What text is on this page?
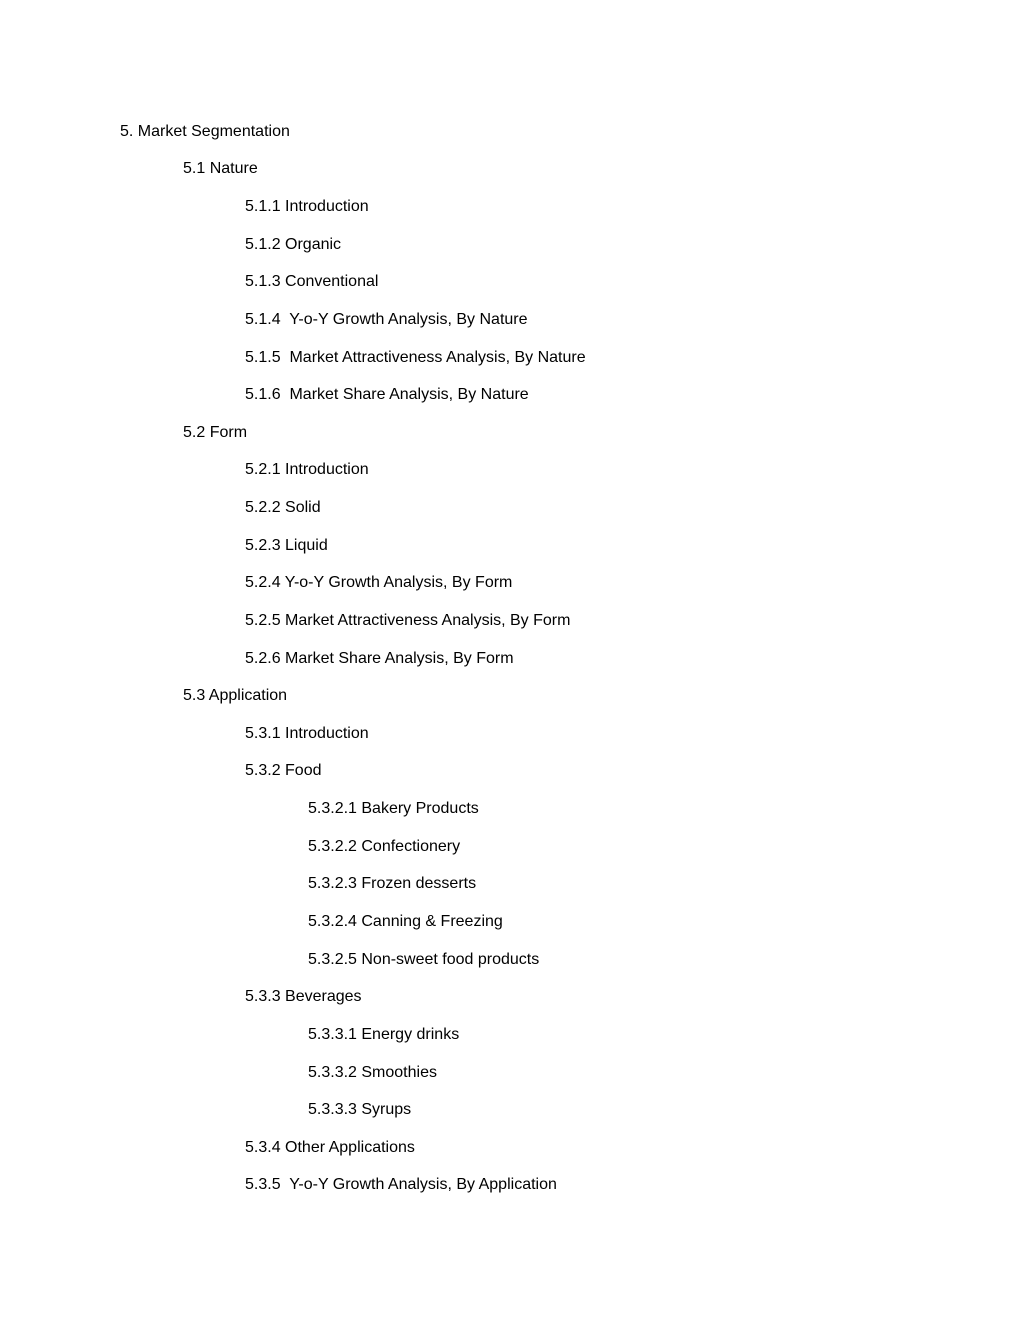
5. Market Segmentation
5.1 Nature
5.1.1 Introduction
5.1.2 Organic
5.1.3 Conventional
5.1.4  Y-o-Y Growth Analysis, By Nature
5.1.5  Market Attractiveness Analysis, By Nature
5.1.6  Market Share Analysis, By Nature
5.2 Form
5.2.1 Introduction
5.2.2 Solid
5.2.3 Liquid
5.2.4 Y-o-Y Growth Analysis, By Form
5.2.5 Market Attractiveness Analysis, By Form
5.2.6 Market Share Analysis, By Form
5.3 Application
5.3.1 Introduction
5.3.2 Food
5.3.2.1 Bakery Products
5.3.2.2 Confectionery
5.3.2.3 Frozen desserts
5.3.2.4 Canning & Freezing
5.3.2.5 Non-sweet food products
5.3.3 Beverages
5.3.3.1 Energy drinks
5.3.3.2 Smoothies
5.3.3.3 Syrups
5.3.4 Other Applications
5.3.5  Y-o-Y Growth Analysis, By Application
